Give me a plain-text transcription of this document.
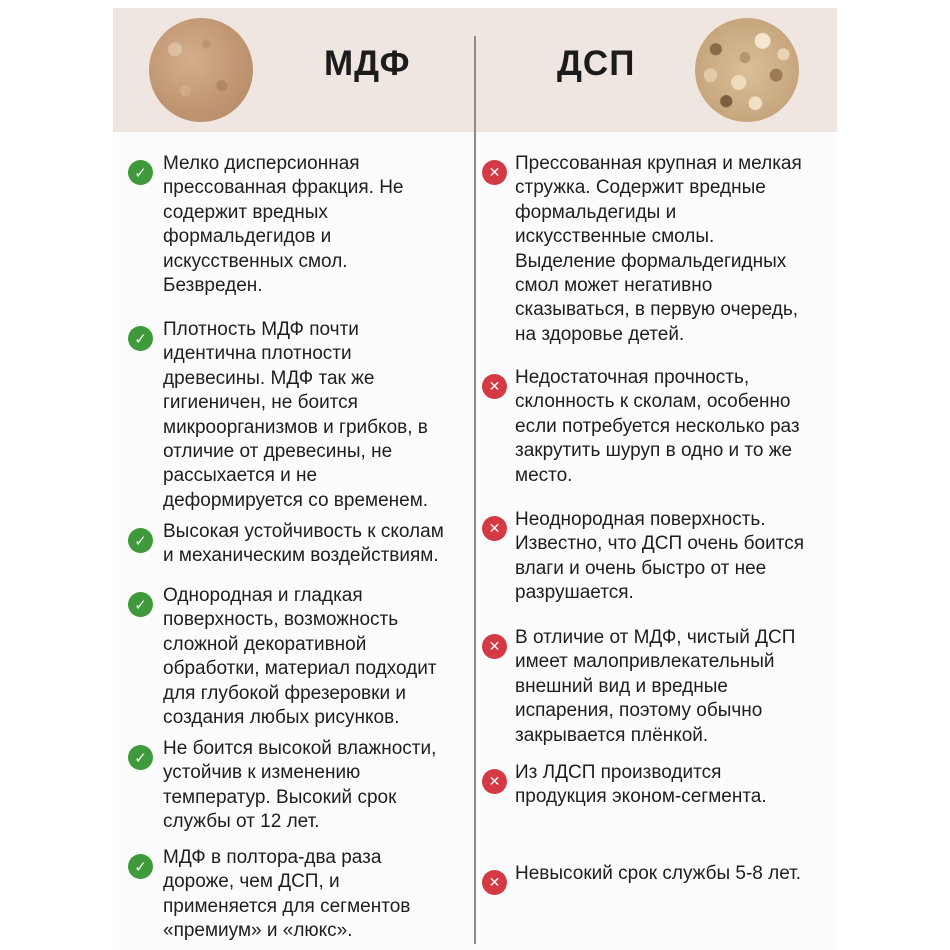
МДФ	ДСП
✓ Мелко дисперсионная
прессованная фракция. Не
содержит вредных
формальдегидов и
искусственных смол.
Безвреден.

✓ Плотность МДФ почти
идентична плотности
древесины. МДФ так же
гигиеничен, не боится
микроорганизмов и грибков, в
отличие от древесины, не
рассыхается и не
деформируется со временем.

✓ Высокая устойчивость к сколам
и механическим воздействиям.

✓ Однородная и гладкая
поверхность, возможность
сложной декоративной
обработки, материал подходит
для глубокой фрезеровки и
создания любых рисунков.

✓ Не боится высокой влажности,
устойчив к изменению
температур. Высокий срок
службы от 12 лет.

✓ МДФ в полтора-два раза
дороже, чем ДСП, и
применяется для сегментов
«премиум» и «люкс».

✕ Прессованная крупная и мелкая
стружка. Содержит вредные
формальдегиды и
искусственные смолы.
Выделение формальдегидных
смол может негативно
сказываться, в первую очередь,
на здоровье детей.

✕ Недостаточная прочность,
склонность к сколам, особенно
если потребуется несколько раз
закрутить шуруп в одно и то же
место.

✕ Неоднородная поверхность.
Известно, что ДСП очень боится
влаги и очень быстро от нее
разрушается.

✕ В отличие от МДФ, чистый ДСП
имеет малопривлекательный
внешний вид и вредные
испарения, поэтому обычно
закрывается плёнкой.

✕ Из ЛДСП производится
продукция эконом-сегмента.

✕ Невысокий срок службы 5-8 лет.
